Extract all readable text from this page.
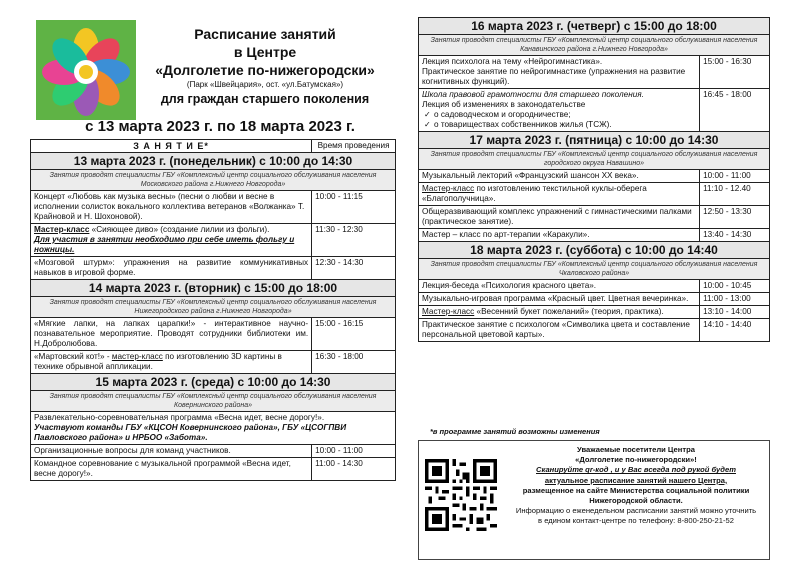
Расписание занятий
в Центре
«Долголетие по-нижегородски»
(Парк «Швейцария», ост. «ул.Батумская»)
для граждан старшего поколения
с 13 марта 2023 г. по 18 марта 2023 г.
З А Н Я Т И Е*	Время проведения
13 марта 2023 г. (понедельник) с 10:00 до 14:30	
Занятия проводят специалисты ГБУ «Комплексный центр социального обслуживания населения Московского района г.Нижнего Новгорода»	
Концерт «Любовь как музыка весны» (песни о любви и весне в исполнении солисток вокального коллектива ветеранов «Волжанка» Т. Крайновой и Н. Шохоновой).	10:00 - 11:15
Мастер-класс «Сияющее диво» (создание лилии из фольги).
Для участия в занятии необходимо при себе иметь фольгу и ножницы.	11:30 - 12:30
«Мозговой штурм»: упражнения на развитие коммуникативных навыков в игровой форме.	12:30 - 14:30
14 марта 2023 г. (вторник) с 15:00 до 18:00	
Занятия проводят специалисты ГБУ «Комплексный центр социального обслуживания населения Нижегородского района г.Нижнего Новгорода»	
«Мягкие лапки, на лапках царапки!» - интерактивное научно-познавательное мероприятие. Проводят сотрудники библиотеки им. Н.Добролюбова.	15:00 - 16:15
«Мартовский кот!» - мастер-класс по изготовлению 3D картины в технике обрывной аппликации.	16:30 - 18:00
15 марта 2023 г. (среда) с 10:00 до 14:30	
Занятия проводят специалисты ГБУ «Комплексный центр социального обслуживания населения Ковернинского района»	
Развлекательно-соревновательная программа «Весна идет, весне дорогу!».
Участвуют команды ГБУ «КЦСОН Ковернинского района», ГБУ «ЦСОГПВИ Павловского района» и НРБОО «Забота».	
Организационные вопросы для команд участников.	10:00 - 11:00
Командное соревнование с музыкальной программой «Весна идет, весне дорогу!».	11:00 - 14:30
16 марта 2023 г. (четверг) с 15:00 до 18:00	
Занятия проводят специалисты ГБУ «Комплексный центр социального обслуживания населения Канавинского района г.Нижнего Новгорода»	
Лекция психолога на тему «Нейрогимнастика».
Практическое занятие по нейрогимнастике (упражнения на развитие когнитивных функций).	15:00 - 16:30
Школа правовой грамотности для старшего поколения.
Лекция об изменениях в законодательстве
✓ о садоводческом и огородничестве;
✓ о товариществах собственников жилья (ТСЖ).	16:45 - 18:00
17 марта 2023 г. (пятница) с 10:00 до 14:30	
Занятия проводят специалисты ГБУ «Комплексный центр социального обслуживания населения городского округа Навашино»	
Музыкальный лекторий «Французский шансон XX века».	10:00 - 11:00
Мастер-класс по изготовлению текстильной куклы-оберега «Благополучница».	11:10 - 12.40
Общеразвивающий комплекс упражнений с гимнастическими палками (практическое занятие).	12:50 - 13:30
Мастер – класс по арт-терапии «Каракули».	13:40 - 14:30
18 марта 2023 г. (суббота) с 10:00 до 14:40	
Занятия проводят специалисты ГБУ «Комплексный центр социального обслуживания населения Чкаловского района»	
Лекция-беседа «Психология красного цвета».	10:00 - 10:45
Музыкально-игровая программа «Красный цвет. Цветная вечеринка».	11:00 - 13:00
Мастер-класс «Весенний букет пожеланий» (теория, практика).	13:10 - 14:00
Практическое занятие с психологом «Символика цвета и составление персональной цветовой карты».	14:10 - 14:40
*в программе занятий возможны изменения
Уважаемые посетители Центра
«Долголетие по-нижегородски»!
Сканируйте qr-код , и у Вас всегда под рукой будет
актуальное расписание занятий нашего Центра,
размещенное на сайте Министерства социальной политики
Нижегородской области.
Информацию о еженедельном расписании занятий можно уточнить
в едином контакт-центре по телефону: 8-800-250-21-52
